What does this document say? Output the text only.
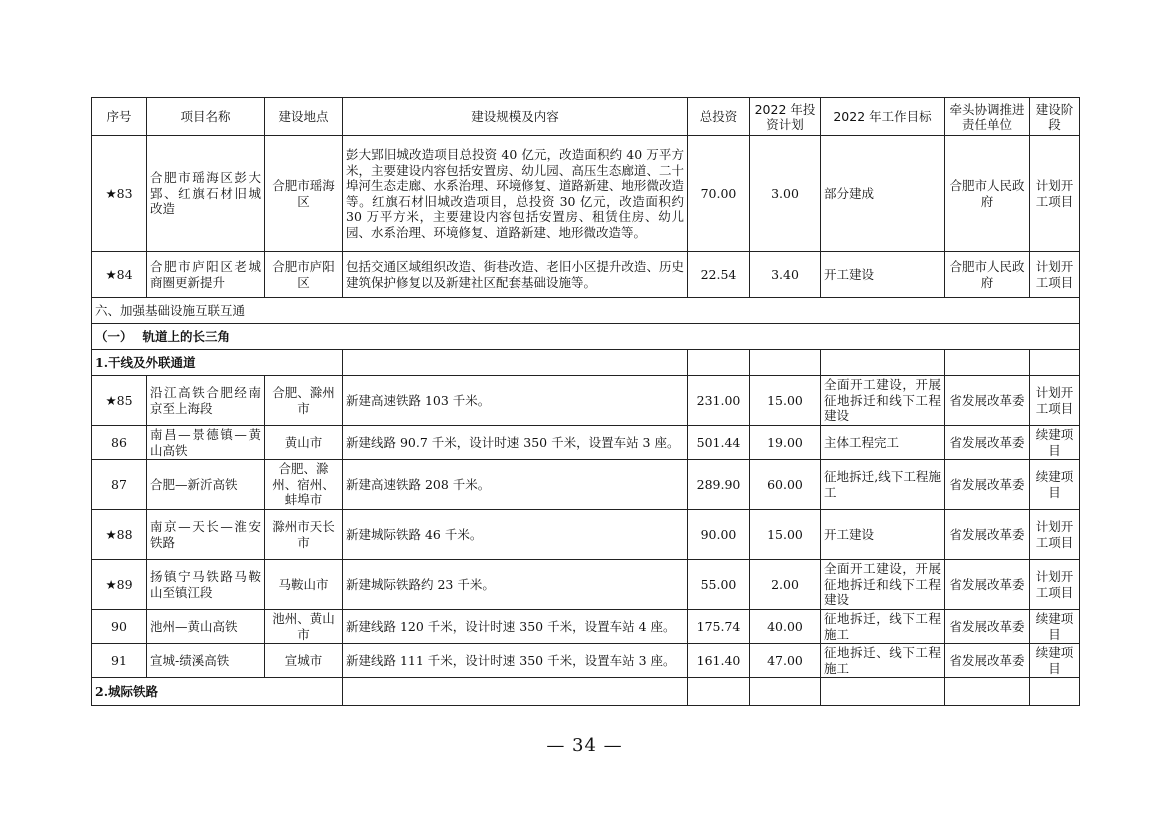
序号	项目名称	建设地点	建设规模及内容	总投资	2022 年投资计划	2022 年工作目标	牵头协调推进责任单位	建设阶段
★83	合肥市瑶海区彭大郢、红旗石材旧城改造	合肥市瑶海区	彭大郢旧城改造项目总投资 40 亿元，改造面积约 40 万平方米，主要建设内容包括安置房、幼儿园、高压生态廊道、二十埠河生态走廊、水系治理、环境修复、道路新建、地形微改造等。红旗石材旧城改造项目，总投资 30 亿元，改造面积约 30 万平方米，主要建设内容包括安置房、租赁住房、幼儿园、水系治理、环境修复、道路新建、地形微改造等。	70.00	3.00	部分建成	合肥市人民政府	计划开工项目
★84	合肥市庐阳区老城商圈更新提升	合肥市庐阳区	包括交通区域组织改造、街巷改造、老旧小区提升改造、历史建筑保护修复以及新建社区配套基础设施等。	22.54	3.40	开工建设	合肥市人民政府	计划开工项目
六、加强基础设施互联互通								
（一） 轨道上的长三角								
1.干线及外联通道								
★85	沿江高铁合肥经南京至上海段	合肥、滁州市	新建高速铁路 103 千米。	231.00	15.00	全面开工建设，开展征地拆迁和线下工程建设	省发展改革委	计划开工项目
86	南昌—景德镇—黄山高铁	黄山市	新建线路 90.7 千米，设计时速 350 千米，设置车站 3 座。	501.44	19.00	主体工程完工	省发展改革委	续建项目
87	合肥—新沂高铁	合肥、滁州、宿州、蚌埠市	新建高速铁路 208 千米。	289.90	60.00	征地拆迁,线下工程施工	省发展改革委	续建项目
★88	南京—天长—淮安铁路	滁州市天长市	新建城际铁路 46 千米。	90.00	15.00	开工建设	省发展改革委	计划开工项目
★89	扬镇宁马铁路马鞍山至镇江段	马鞍山市	新建城际铁路约 23 千米。	55.00	2.00	全面开工建设，开展征地拆迁和线下工程建设	省发展改革委	计划开工项目
90	池州—黄山高铁	池州、黄山市	新建线路 120 千米，设计时速 350 千米，设置车站 4 座。	175.74	40.00	征地拆迁，线下工程施工	省发展改革委	续建项目
91	宣城-绩溪高铁	宣城市	新建线路 111 千米，设计时速 350 千米，设置车站 3 座。	161.40	47.00	征地拆迁、线下工程施工	省发展改革委	续建项目
2.城际铁路								
— 34 —
